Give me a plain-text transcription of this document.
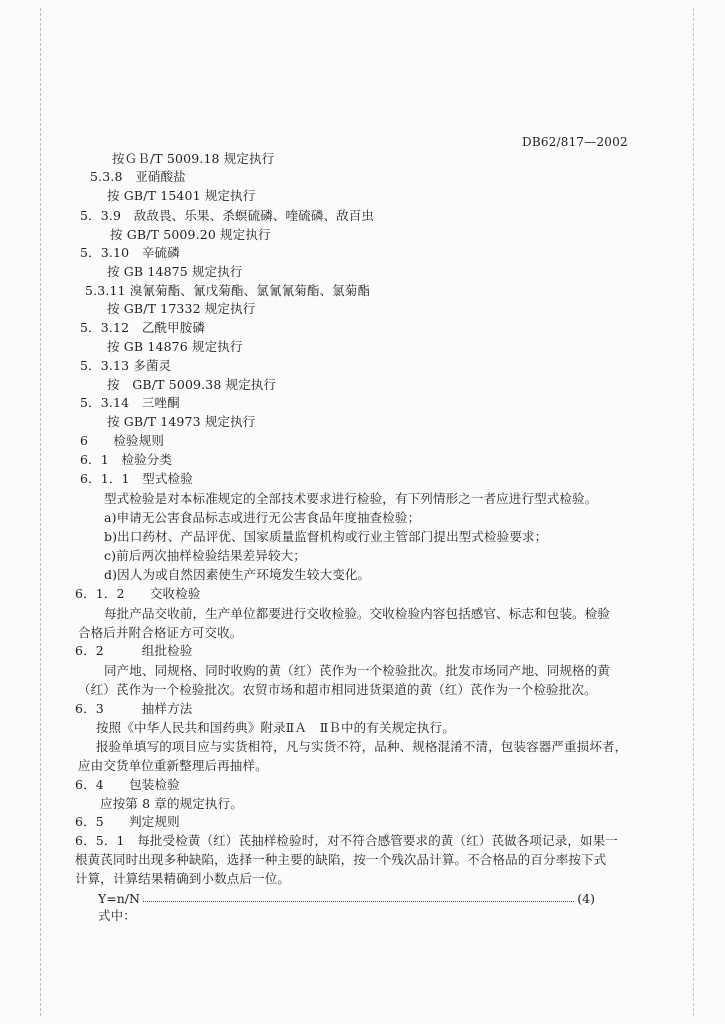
DB62/817—2002
按ＧＢ/T 5009.18 规定执行
5.3.8　亚硝酸盐
按 GB/T 15401 规定执行
5．3.9　敌敌畏、乐果、杀螟硫磷、喹硫磷、敌百虫
按 GB/T 5009.20 规定执行
5．3.10　辛硫磷
按 GB 14875 规定执行
5.3.11 溴氰菊酯、氰戊菊酯、氯氰氰菊酯、氯菊酯
按 GB/T 17332 规定执行
5．3.12　乙酰甲胺磷
按 GB 14876 规定执行
5．3.13 多菌灵
按　GB/T 5009.38 规定执行
5．3.14　三唑酮
按 GB/T 14973 规定执行
6　　检验规则
6．1　检验分类
6．1．1　型式检验
型式检验是对本标准规定的全部技术要求进行检验，有下列情形之一者应进行型式检验。
a)申请无公害食品标志或进行无公害食品年度抽查检验；
b)出口药材、产品评优、国家质量监督机构或行业主管部门提出型式检验要求；
c)前后两次抽样检验结果差异较大；
d)因人为或自然因素使生产环境发生较大变化。
6．1．2　　交收检验
每批产品交收前，生产单位都要进行交收检验。交收检验内容包括感官、标志和包装。检验
合格后并附合格证方可交收。
6．2　　　组批检验
同产地、同规格、同时收购的黄（红）芪作为一个检验批次。批发市场同产地、同规格的黄
（红）芪作为一个检验批次。农贸市场和超市相同进货渠道的黄（红）芪作为一个检验批次。
6．3　　　抽样方法
按照《中华人民共和国药典》附录ⅡＡ　ⅡＢ中的有关规定执行。
报验单填写的项目应与实货相符，凡与实货不符，品种、规格混淆不清，包装容器严重损坏者，
应由交货单位重新整理后再抽样。
6．4　　包装检验
应按第 8 章的规定执行。
6．5　　判定规则
6．5．1　每批受检黄（红）芪抽样检验时，对不符合感管要求的黄（红）芪做各项记录，如果一
根黄芪同时出现多种缺陷，选择一种主要的缺陷，按一个残次品计算。不合格品的百分率按下式
计算，计算结果精确到小数点后一位。
Y=n/N	(4)
式中：
